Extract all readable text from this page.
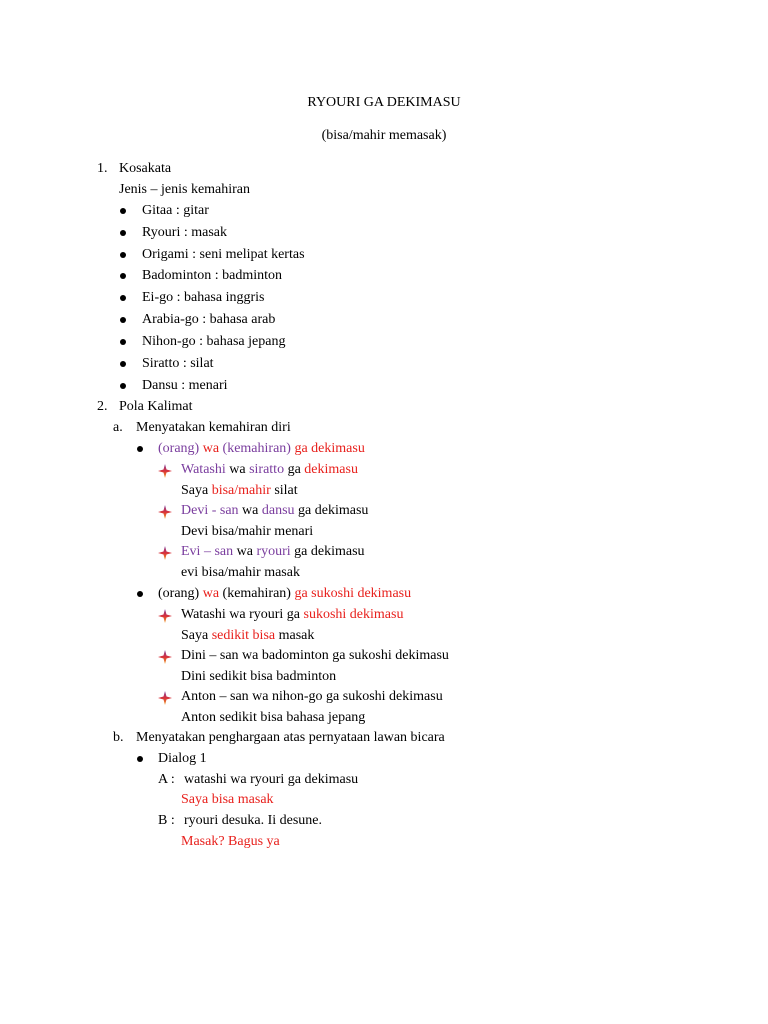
RYOURI GA DEKIMASU
(bisa/mahir memasak)
1. Kosakata
Jenis – jenis kemahiran
Gitaa : gitar
Ryouri : masak
Origami : seni melipat kertas
Badominton : badminton
Ei-go : bahasa inggris
Arabia-go : bahasa arab
Nihon-go : bahasa jepang
Siratto : silat
Dansu : menari
2. Pola Kalimat
a. Menyatakan kemahiran diri
(orang) wa (kemahiran) ga dekimasu
Watashi wa siratto ga dekimasu
Saya bisa/mahir silat
Devi - san wa dansu ga dekimasu
Devi bisa/mahir menari
Evi – san wa ryouri ga dekimasu
evi bisa/mahir masak
(orang) wa (kemahiran) ga sukoshi dekimasu
Watashi wa ryouri ga sukoshi dekimasu
Saya sedikit bisa masak
Dini – san wa badominton ga sukoshi dekimasu
Dini sedikit bisa badminton
Anton – san wa nihon-go ga sukoshi dekimasu
Anton sedikit bisa bahasa jepang
b. Menyatakan penghargaan atas pernyataan lawan bicara
Dialog 1
A : watashi wa ryouri ga dekimasu
Saya bisa masak
B : ryouri desuka. Ii desune.
Masak? Bagus ya
